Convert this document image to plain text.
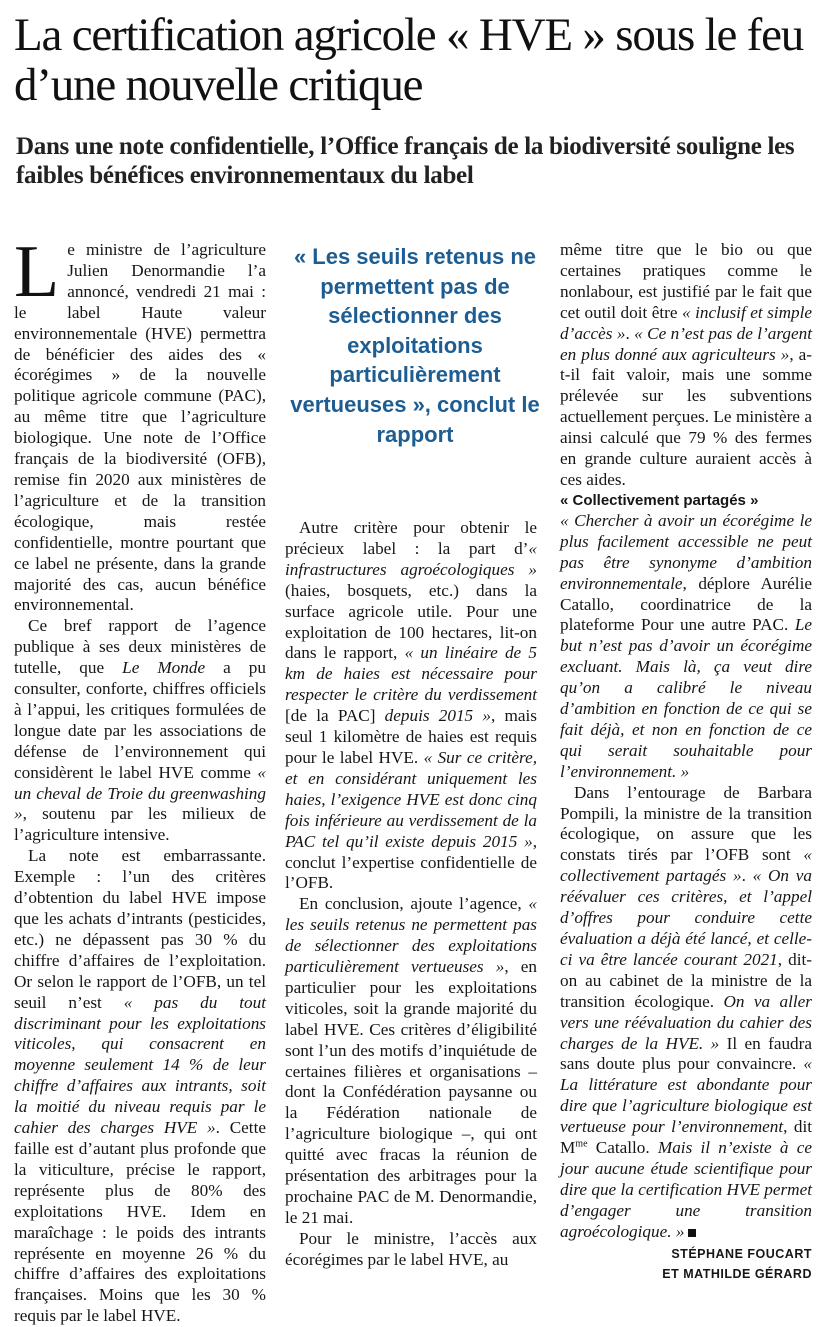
La certification agricole « HVE » sous le feu d’une nouvelle critique
Dans une note confidentielle, l’Office français de la biodiversité souligne les faibles bénéfices environnementaux du label

Le ministre de l’agriculture Julien Denormandie l’a annoncé, vendredi 21 mai : le label Haute valeur environnementale (HVE) permettra de bénéficier des aides des « écorégimes » de la nouvelle politique agricole commune (PAC), au même titre que l’agriculture biologique. Une note de l’Office français de la biodiversité (OFB), remise fin 2020 aux ministères de l’agriculture et de la transition écologique, mais restée confidentielle, montre pourtant que ce label ne présente, dans la grande majorité des cas, aucun bénéfice environnemental.

Ce bref rapport de l’agence publique à ses deux ministères de tutelle, que Le Monde a pu consulter, conforte, chiffres officiels à l’appui, les critiques formulées de longue date par les associations de défense de l’environnement qui considèrent le label HVE comme « un cheval de Troie du greenwashing », soutenu par les milieux de l’agriculture intensive.

La note est embarrassante. Exemple : l’un des critères d’obtention du label HVE impose que les achats d’intrants (pesticides, etc.) ne dépassent pas 30 % du chiffre d’affaires de l’exploitation. Or selon le rapport de l’OFB, un tel seuil n’est « pas du tout discriminant pour les exploitations viticoles, qui consacrent en moyenne seulement 14 % de leur chiffre d’affaires aux intrants, soit la moitié du niveau requis par le cahier des charges HVE ». Cette faille est d’autant plus profonde que la viticulture, précise le rapport, représente plus de 80% des exploitations HVE. Idem en maraîchage : le poids des intrants représente en moyenne 26 % du chiffre d’affaires des exploitations françaises. Moins que les 30 % requis par le label HVE.

« Les seuils retenus ne permettent pas de sélectionner des exploitations particulièrement vertueuses », conclut le rapport

Autre critère pour obtenir le précieux label : la part d’« infrastructures agroécologiques » (haies, bosquets, etc.) dans la surface agricole utile. Pour une exploitation de 100 hectares, lit-on dans le rapport, « un linéaire de 5 km de haies est nécessaire pour respecter le critère du verdissement [de la PAC] depuis 2015 », mais seul 1 kilomètre de haies est requis pour le label HVE. « Sur ce critère, et en considérant uniquement les haies, l’exigence HVE est donc cinq fois inférieure au verdissement de la PAC tel qu’il existe depuis 2015 », conclut l’expertise confidentielle de l’OFB.

En conclusion, ajoute l’agence, « les seuils retenus ne permettent pas de sélectionner des exploitations particulièrement vertueuses », en particulier pour les exploitations viticoles, soit la grande majorité du label HVE. Ces critères d’éligibilité sont l’un des motifs d’inquiétude de certaines filières et organisations – dont la Confédération paysanne ou la Fédération nationale de l’agriculture biologique –, qui ont quitté avec fracas la réunion de présentation des arbitrages pour la prochaine PAC de M. Denormandie, le 21 mai.

Pour le ministre, l’accès aux écorégimes par le label HVE, au

même titre que le bio ou que certaines pratiques comme le nonlabour, est justifié par le fait que cet outil doit être « inclusif et simple d’accès ». « Ce n’est pas de l’argent en plus donné aux agriculteurs », a-t-il fait valoir, mais une somme prélevée sur les subventions actuellement perçues. Le ministère a ainsi calculé que 79 % des fermes en grande culture auraient accès à ces aides.

« Collectivement partagés »

« Chercher à avoir un écorégime le plus facilement accessible ne peut pas être synonyme d’ambition environnementale, déplore Aurélie Catallo, coordinatrice de la plateforme Pour une autre PAC. Le but n’est pas d’avoir un écorégime excluant. Mais là, ça veut dire qu’on a calibré le niveau d’ambition en fonction de ce qui se fait déjà, et non en fonction de ce qui serait souhaitable pour l’environnement. »

Dans l’entourage de Barbara Pompili, la ministre de la transition écologique, on assure que les constats tirés par l’OFB sont « collectivement partagés ». « On va réévaluer ces critères, et l’appel d’offres pour conduire cette évaluation a déjà été lancé, et celle-ci va être lancée courant 2021, dit-on au cabinet de la ministre de la transition écologique. On va aller vers une réévaluation du cahier des charges de la HVE. » Il en faudra sans doute plus pour convaincre. « La littérature est abondante pour dire que l’agriculture biologique est vertueuse pour l’environnement, dit $M^{me}$ Catallo. Mais il n’existe à ce jour aucune étude scientifique pour dire que la certification HVE permet d’engager une transition agroécologique. »

STÉPHANE FOUCART
ET MATHILDE GÉRARD
